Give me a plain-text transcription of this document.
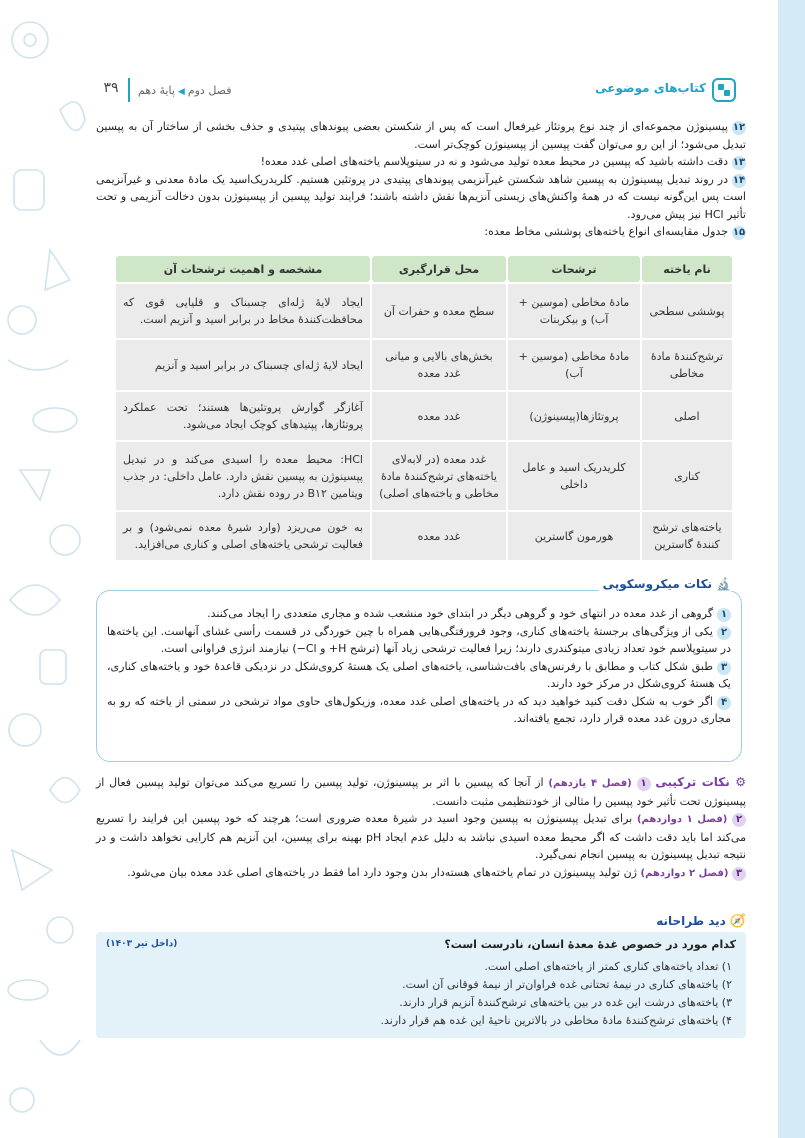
کتاب‌های موضوعی
فصل دوم◀پایهٔ دهم
۳۹

۱۲پپسینوژن مجموعه‌ای از چند نوع پروتئاز غیرفعال است که پس از شکستن بعضی پیوندهای پپتیدی و حذف بخشی از ساختار آن به پپسین تبدیل می‌شود؛ از این رو می‌توان گفت پپسین از پپسینوژن کوچک‌تر است.

۱۳دقت داشته باشید که پپسین در محیط معده تولید می‌شود و نه در سیتوپلاسم یاخته‌های اصلی غدد معده!

۱۴در روند تبدیل پپسینوژن به پپسین شاهد شکستن غیرآنزیمی پیوندهای پپتیدی در پروتئین هستیم. کلریدریک‌اسید یک مادهٔ معدنی و غیرآنزیمی است پس این‌گونه نیست که در همهٔ واکنش‌های زیستی آنزیم‌ها نقش داشته باشند؛ فرایند تولید پپسین از پپسینوژن بدون دخالت آنزیمی و تحت تأثیر HCl نیز پیش می‌رود.

۱۵جدول مقایسه‌ای انواع یاخته‌های پوششی مخاط معده:

نام یاخته	ترشحات	محل قرارگیری	مشخصه و اهمیت ترشحات آن
پوششی سطحی	مادهٔ مخاطی (موسین + آب) و بیکربنات	سطح معده و حفرات آن	ایجاد لایهٔ ژله‌ای چسبناک و قلیایی قوی که محافظت‌کنندهٔ مخاط در برابر اسید و آنزیم است.
ترشح‌کنندهٔ مادهٔ مخاطی	مادهٔ مخاطی (موسین + آب)	بخش‌های بالایی و میانی غدد معده	ایجاد لایهٔ ژله‌ای چسبناک در برابر اسید و آنزیم
اصلی	پروتئازها(پپسینوژن)	غدد معده	آغازگر گوارش پروتئین‌ها هستند؛ تحت عملکرد پروتئازها، پپتیدهای کوچک ایجاد می‌شود.
کناری	کلریدریک اسید و عامل داخلی	غدد معده (در لابه‌لای یاخته‌های ترشح‌کنندهٔ مادهٔ مخاطی و یاخته‌های اصلی)	HCl: محیط معده را اسیدی می‌کند و در تبدیل پپسینوژن به پپسین نقش دارد. عامل داخلی: در جذب ویتامین B۱۲ در روده نقش دارد.
یاخته‌های ترشح کنندهٔ گاسترین	هورمون گاسترین	غدد معده	به خون می‌ریزد (وارد شیرهٔ معده نمی‌شود) و بر فعالیت ترشحی یاخته‌های اصلی و کناری می‌افزاید.
🔬نکات میکروسکوپی

۱گروهی از غدد معده در انتهای خود و گروهی دیگر در ابتدای خود منشعب شده و مجاری متعددی را ایجاد می‌کنند.

۲یکی از ویژگی‌های برجستهٔ یاخته‌های کناری، وجود فرورفتگی‌هایی همراه با چین خوردگی در قسمت رأسی غشای آنهاست. این یاخته‌ها در سیتوپلاسم خود تعداد زیادی میتوکندری دارند؛ زیرا فعالیت ترشحی زیاد آنها (ترشح H+ و Cl−) نیازمند انرژی فراوانی است.

۳طبق شکل کتاب و مطابق با رفرنس‌های بافت‌شناسی، یاخته‌های اصلی یک هستهٔ کروی‌شکل در نزدیکی قاعدهٔ خود و یاخته‌های کناری، یک هستهٔ کروی‌شکل در مرکز خود دارند.

۴اگر خوب به شکل دقت کنید خواهید دید که در یاخته‌های اصلی غدد معده، وزیکول‌های حاوی مواد ترشحی در سمتی از یاخته که رو به مجاری درون غدد معده قرار دارد، تجمع یافته‌اند.

⚙ نکات ترکیبی ۱ (فصل ۴ یازدهم) از آنجا که پپسین با اثر بر پپسینوژن، تولید پپسین را تسریع می‌کند می‌توان تولید پپسین فعال از پپسینوژن تحت تأثیر خود پپسین را مثالی از خودتنظیمی مثبت دانست.

۲ (فصل ۱ دوازدهم) برای تبدیل پپسینوژن به پپسین وجود اسید در شیرهٔ معده ضروری است؛ هرچند که خود پپسین این فرایند را تسریع می‌کند اما باید دقت داشت که اگر محیط معده اسیدی نباشد به دلیل عدم ایجاد pH بهینه برای پپسین، این آنزیم هم کارایی نخواهد داشت و در نتیجه تبدیل پپسینوژن به پپسین انجام نمی‌گیرد.

۳ (فصل ۲ دوازدهم) ژن تولید پپسینوژن در تمام یاخته‌های هسته‌دار بدن وجود دارد اما فقط در یاخته‌های اصلی غدد معده بیان می‌شود.

🧭دید طراحانه
کدام مورد در خصوص غدهٔ معدهٔ انسان، نادرست است؟
(داخل تیر ۱۴۰۳)
۱) تعداد یاخته‌های کناری کمتر از یاخته‌های اصلی است.
۲) یاخته‌های کناری در نیمهٔ تحتانی غده فراوان‌تر از نیمهٔ فوقانی آن است.
۳) یاخته‌های درشت این غده در بین یاخته‌های ترشح‌کنندهٔ آنزیم قرار دارند.
۴) یاخته‌های ترشح‌کنندهٔ مادهٔ مخاطی در بالاترین ناحیهٔ این غده هم قرار دارند.
